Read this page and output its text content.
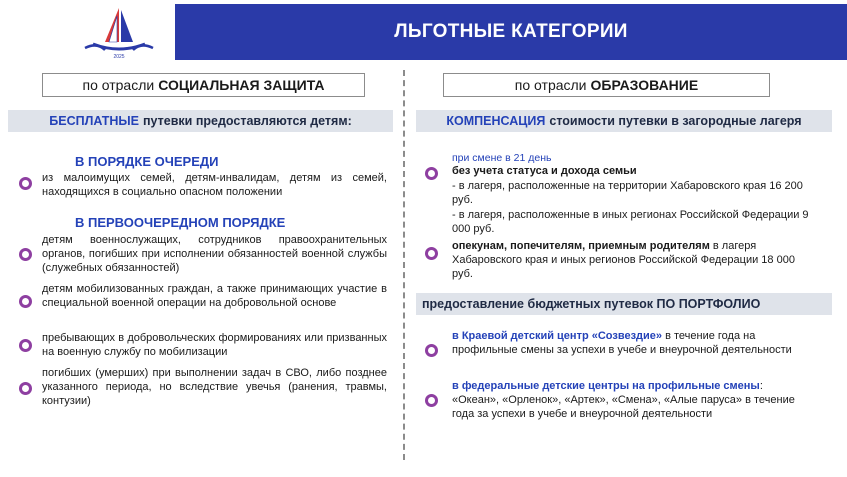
2025
ЛЬГОТНЫЕ КАТЕГОРИИ
по отрасли СОЦИАЛЬНАЯ ЗАЩИТА
БЕСПЛАТНЫЕ путевки предоставляются детям:
В ПОРЯДКЕ ОЧЕРЕДИ
из малоимущих семей, детям-инвалидам, детям из семей, находящихся в социально опасном положении
В ПЕРВООЧЕРЕДНОМ ПОРЯДКЕ
детям военнослужащих, сотрудников правоохранительных органов, погибших при исполнении обязанностей военной службы (служебных обязанностей)
детям мобилизованных граждан, а также принимающих участие в специальной военной операции на добровольной основе
пребывающих в добровольческих формированиях или призванных на военную службу по мобилизации
погибших (умерших) при выполнении задач в СВО, либо позднее указанного периода, но вследствие увечья (ранения, травмы, контузии)
по отрасли ОБРАЗОВАНИЕ
КОМПЕНСАЦИЯ стоимости путевки в загородные лагеря
при смене в 21 день
без учета статуса и дохода семьи
- в лагеря, расположенные на территории Хабаровского края 16 200 руб.
- в лагеря, расположенные в иных регионах Российской Федерации 9 000 руб.
опекунам, попечителям, приемным родителям в лагеря Хабаровского края и иных регионов Российской Федерации 18 000 руб.
предоставление бюджетных путевок ПО ПОРТФОЛИО
в Краевой детский центр «Созвездие» в течение года на профильные смены за успехи в учебе и внеурочной деятельности
в федеральные детские центры на профильные смены: «Океан», «Орленок», «Артек», «Смена», «Алые паруса» в течение года за успехи в учебе и внеурочной деятельности
